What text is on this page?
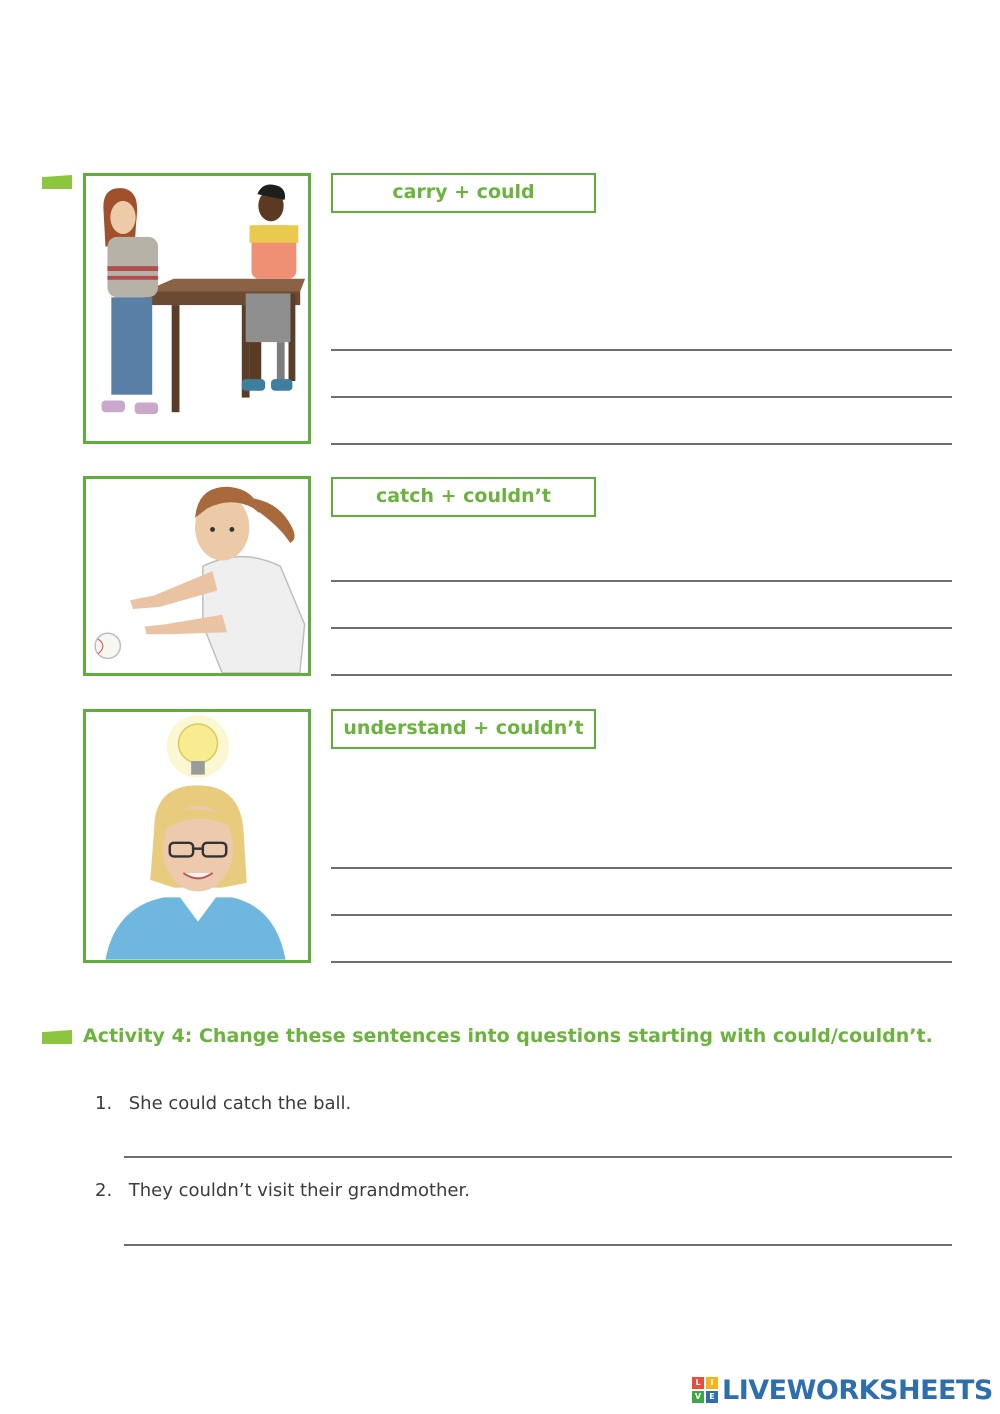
carry + could
catch + couldn’t
understand + couldn’t
Activity 4: Change these sentences into questions starting with could/couldn’t.
1. She could catch the ball.
2. They couldn’t visit their grandmother.
L	I
V	E LIVEWORKSHEETS
